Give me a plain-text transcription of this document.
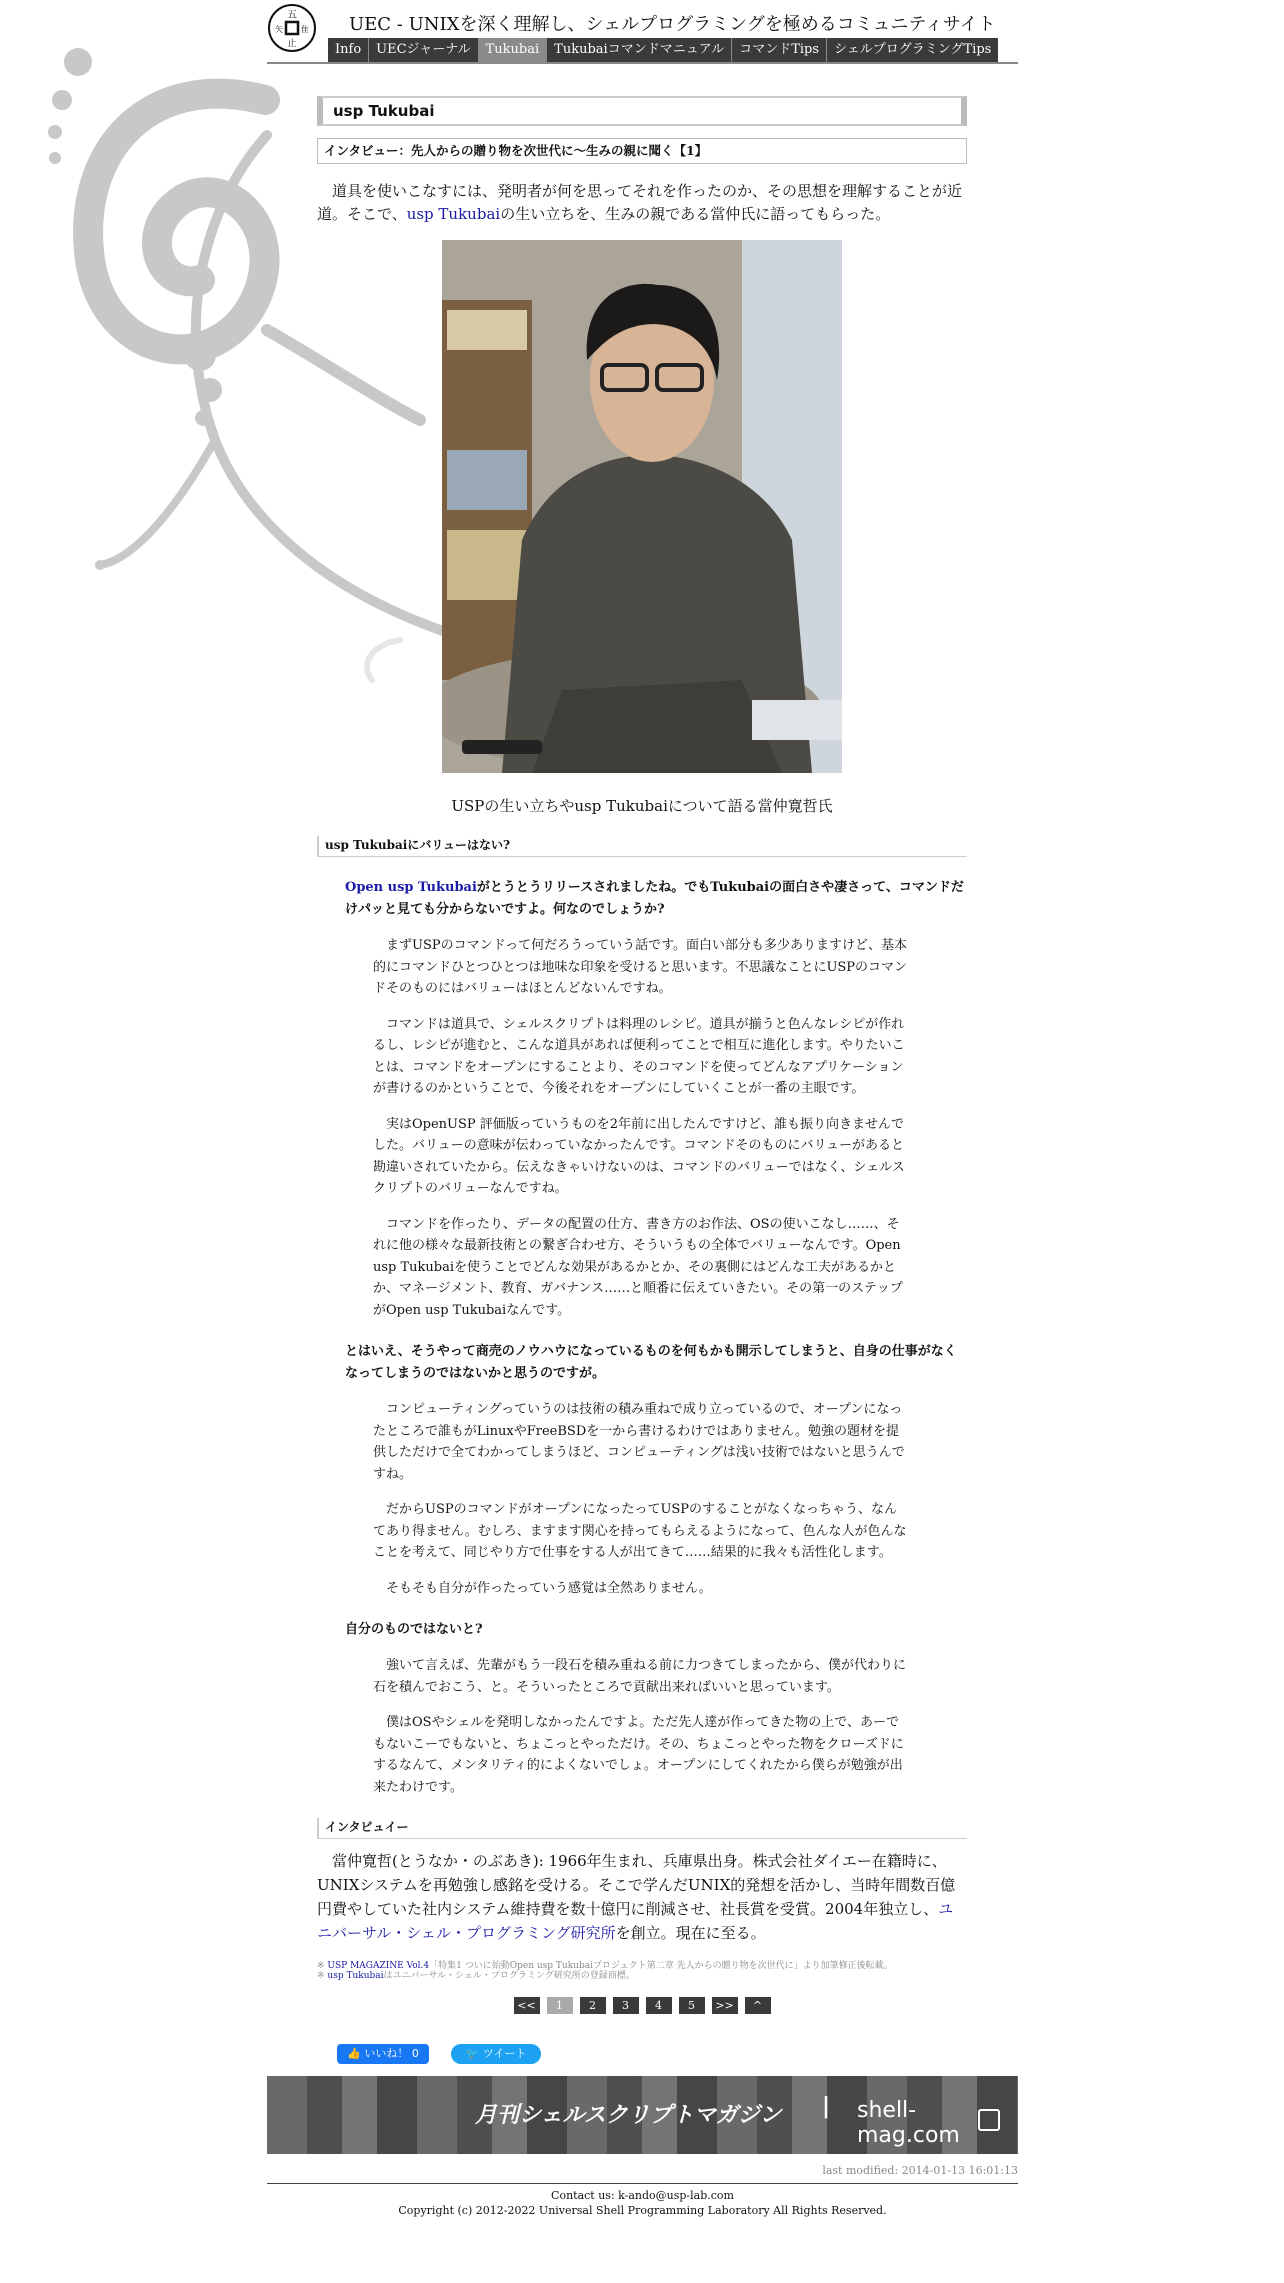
五
矢 隹
止
UEC - UNIXを深く理解し、シェルプログラミングを極めるコミュニティサイト
Info	UECジャーナル	Tukubai	Tukubaiコマンドマニュアル	コマンドTips	シェルプログラミングTips
usp Tukubai
インタビュー：先人からの贈り物を次世代に〜生みの親に聞く【1】

道具を使いこなすには、発明者が何を思ってそれを作ったのか、その思想を理解することが近道。そこで、usp Tukubaiの生い立ちを、生みの親である當仲氏に語ってもらった。

USPの生い立ちやusp Tukubaiについて語る當仲寛哲氏
usp Tukubaiにバリューはない?
Open usp Tukubaiがとうとうリリースされましたね。でもTukubaiの面白さや凄さって、コマンドだけパッと見ても分からないですよ。何なのでしょうか?

まずUSPのコマンドって何だろうっていう話です。面白い部分も多少ありますけど、基本的にコマンドひとつひとつは地味な印象を受けると思います。不思議なことにUSPのコマンドそのものにはバリューはほとんどないんですね。

コマンドは道具で、シェルスクリプトは料理のレシピ。道具が揃うと色んなレシピが作れるし、レシピが進むと、こんな道具があれば便利ってことで相互に進化します。やりたいことは、コマンドをオープンにすることより、そのコマンドを使ってどんなアプリケーションが書けるのかということで、今後それをオープンにしていくことが一番の主眼です。

実はOpenUSP 評価版っていうものを2年前に出したんですけど、誰も振り向きませんでした。バリューの意味が伝わっていなかったんです。コマンドそのものにバリューがあると勘違いされていたから。伝えなきゃいけないのは、コマンドのバリューではなく、シェルスクリプトのバリューなんですね。

コマンドを作ったり、データの配置の仕方、書き方のお作法、OSの使いこなし……、それに他の様々な最新技術との繋ぎ合わせ方、そういうもの全体でバリューなんです。Open usp Tukubaiを使うことでどんな効果があるかとか、その裏側にはどんな工夫があるかとか、マネージメント、教育、ガバナンス……と順番に伝えていきたい。その第一のステップがOpen usp Tukubaiなんです。

とはいえ、そうやって商売のノウハウになっているものを何もかも開示してしまうと、自身の仕事がなくなってしまうのではないかと思うのですが。

コンピューティングっていうのは技術の積み重ねで成り立っているので、オープンになったところで誰もがLinuxやFreeBSDを一から書けるわけではありません。勉強の題材を提供しただけで全てわかってしまうほど、コンピューティングは浅い技術ではないと思うんですね。

だからUSPのコマンドがオープンになったってUSPのすることがなくなっちゃう、なんてあり得ません。むしろ、ますます関心を持ってもらえるようになって、色んな人が色んなことを考えて、同じやり方で仕事をする人が出てきて……結果的に我々も活性化します。

そもそも自分が作ったっていう感覚は全然ありません。

自分のものではないと?

強いて言えば、先輩がもう一段石を積み重ねる前に力つきてしまったから、僕が代わりに石を積んでおこう、と。そういったところで貢献出来ればいいと思っています。

僕はOSやシェルを発明しなかったんですよ。ただ先人達が作ってきた物の上で、あーでもないこーでもないと、ちょこっとやっただけ。その、ちょこっとやった物をクローズドにするなんて、メンタリティ的によくないでしょ。オープンにしてくれたから僕らが勉強が出来たわけです。

インタビュイー

當仲寛哲(とうなか・のぶあき): 1966年生まれ、兵庫県出身。株式会社ダイエー在籍時に、UNIXシステムを再勉強し感銘を受ける。そこで学んだUNIX的発想を活かし、当時年間数百億円費やしていた社内システム維持費を数十億円に削減させ、社長賞を受賞。2004年独立し、ユニバーサル・シェル・プログラミング研究所を創立。現在に至る。

※ USP MAGAZINE Vol.4「特集1 ついに始動Open usp Tukubaiプロジェクト第二章 先人からの贈り物を次世代に」より加筆修正後転載。
※ usp Tukubaiはユニバーサル・シェル・プログラミング研究所の登録商標。
<<	1	2	3	4	5	>>	^
👍 いいね！ 0	🐦 ツイート
月刊シェルスクリプトマガジン | shell-mag.com
last modified: 2014-01-13 16:01:13
Contact us: k-ando@usp-lab.com
Copyright (c) 2012-2022 Universal Shell Programming Laboratory All Rights Reserved.
